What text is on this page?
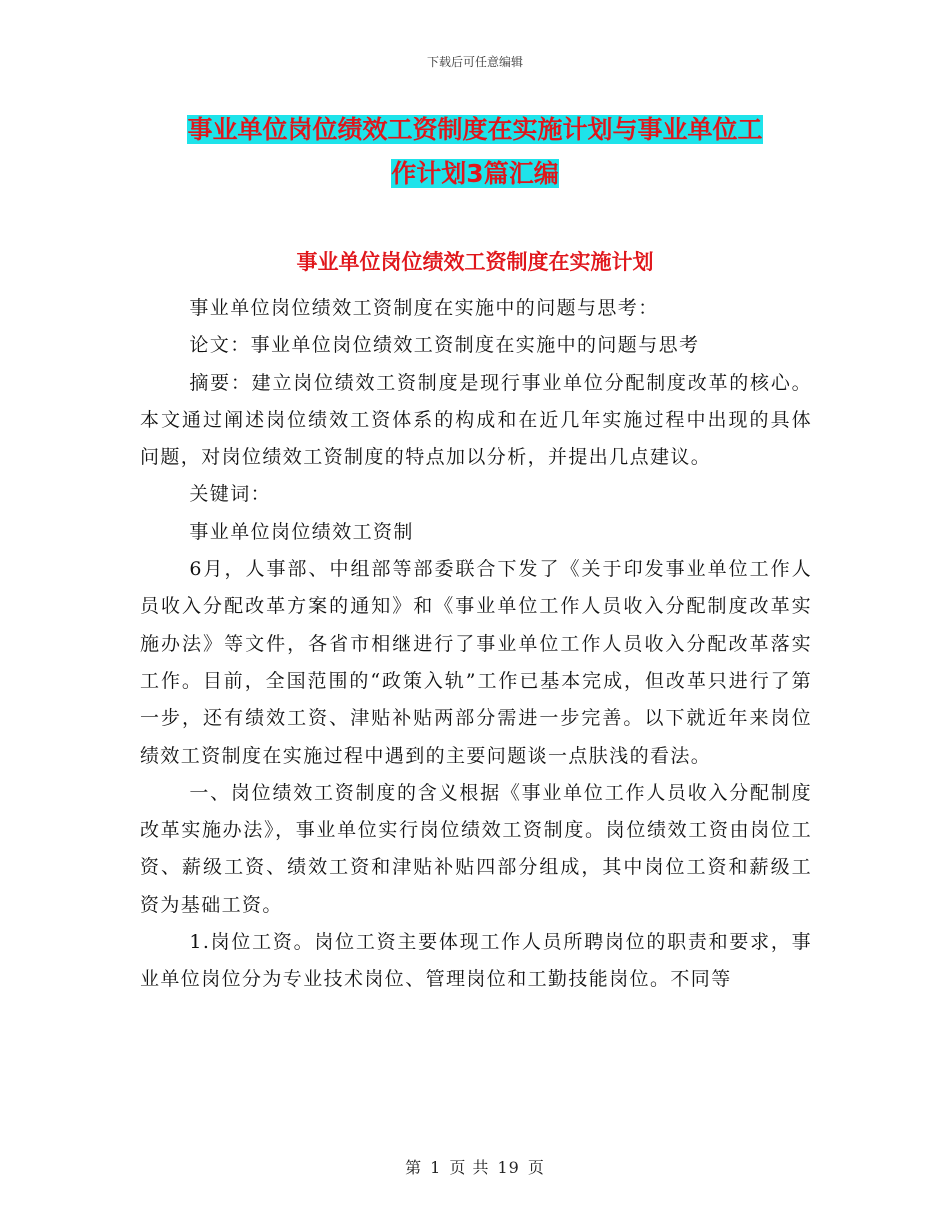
下载后可任意编辑
事业单位岗位绩效工资制度在实施计划与事业单位工
作计划3篇汇编
事业单位岗位绩效工资制度在实施计划

事业单位岗位绩效工资制度在实施中的问题与思考：

论文：事业单位岗位绩效工资制度在实施中的问题与思考

摘要：建立岗位绩效工资制度是现行事业单位分配制度改革的核心。本文通过阐述岗位绩效工资体系的构成和在近几年实施过程中出现的具体问题，对岗位绩效工资制度的特点加以分析，并提出几点建议。

关键词：

事业单位岗位绩效工资制

6月，人事部、中组部等部委联合下发了《关于印发事业单位工作人员收入分配改革方案的通知》和《事业单位工作人员收入分配制度改革实施办法》等文件，各省市相继进行了事业单位工作人员收入分配改革落实工作。目前，全国范围的“政策入轨”工作已基本完成，但改革只进行了第一步，还有绩效工资、津贴补贴两部分需进一步完善。以下就近年来岗位绩效工资制度在实施过程中遇到的主要问题谈一点肤浅的看法。

一、岗位绩效工资制度的含义根据《事业单位工作人员收入分配制度改革实施办法》，事业单位实行岗位绩效工资制度。岗位绩效工资由岗位工资、薪级工资、绩效工资和津贴补贴四部分组成，其中岗位工资和薪级工资为基础工资。

1.岗位工资。岗位工资主要体现工作人员所聘岗位的职责和要求，事业单位岗位分为专业技术岗位、管理岗位和工勤技能岗位。不同等

第 1 页 共 19 页
